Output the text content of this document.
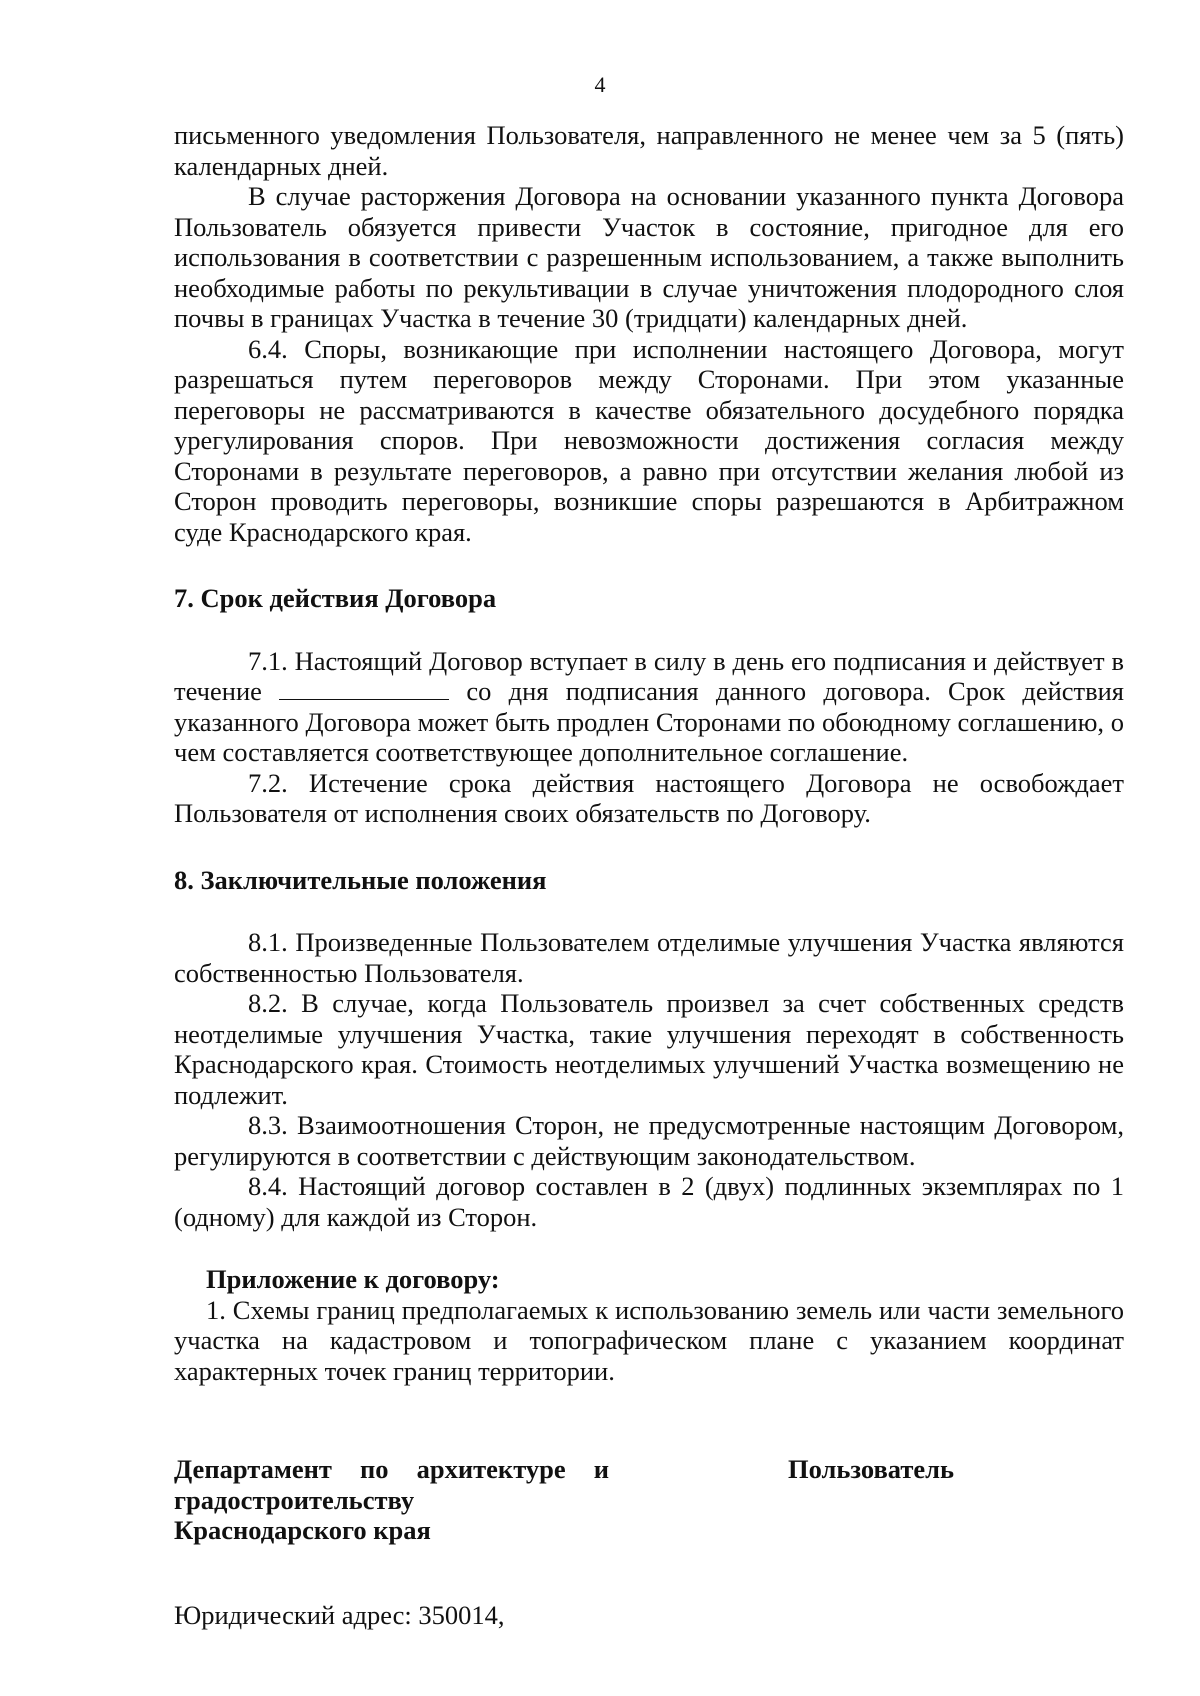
4

письменного уведомления Пользователя, направленного не менее чем за 5 (пять) календарных дней.

В случае расторжения Договора на основании указанного пункта Договора Пользователь обязуется привести Участок в состояние, пригодное для его использования в соответствии с разрешенным использованием, а также выполнить необходимые работы по рекультивации в случае уничтожения плодородного слоя почвы в границах Участка в течение 30 (тридцати) календарных дней.

6.4. Споры, возникающие при исполнении настоящего Договора, могут разрешаться путем переговоров между Сторонами. При этом указанные переговоры не рассматриваются в качестве обязательного досудебного порядка урегулирования споров. При невозможности достижения согласия между Сторонами в результате переговоров, а равно при отсутствии желания любой из Сторон проводить переговоры, возникшие споры разрешаются в Арбитражном суде Краснодарского края.

7. Срок действия Договора

7.1. Настоящий Договор вступает в силу в день его подписания и действует в течение	со дня подписания данного договора. Срок действия указанного Договора может быть продлен Сторонами по обоюдному соглашению, о чем составляется соответствующее дополнительное соглашение.

7.2. Истечение срока действия настоящего Договора не освобождает Пользователя от исполнения своих обязательств по Договору.

8. Заключительные положения

8.1. Произведенные Пользователем отделимые улучшения Участка являются собственностью Пользователя.

8.2. В случае, когда Пользователь произвел за счет собственных средств неотделимые улучшения Участка, такие улучшения переходят в собственность Краснодарского края. Стоимость неотделимых улучшений Участка возмещению не подлежит.

8.3. Взаимоотношения Сторон, не предусмотренные настоящим Договором, регулируются в соответствии с действующим законодательством.

8.4. Настоящий договор составлен в 2 (двух) подлинных экземплярах по 1 (одному) для каждой из Сторон.

Приложение к договору:

1. Схемы границ предполагаемых к использованию земель или части земельного участка на кадастровом и топографическом плане с указанием координат характерных точек границ территории.

Департамент по архитектуре и
градостроительству
Краснодарского края
Пользователь

Юридический адрес: 350014,
